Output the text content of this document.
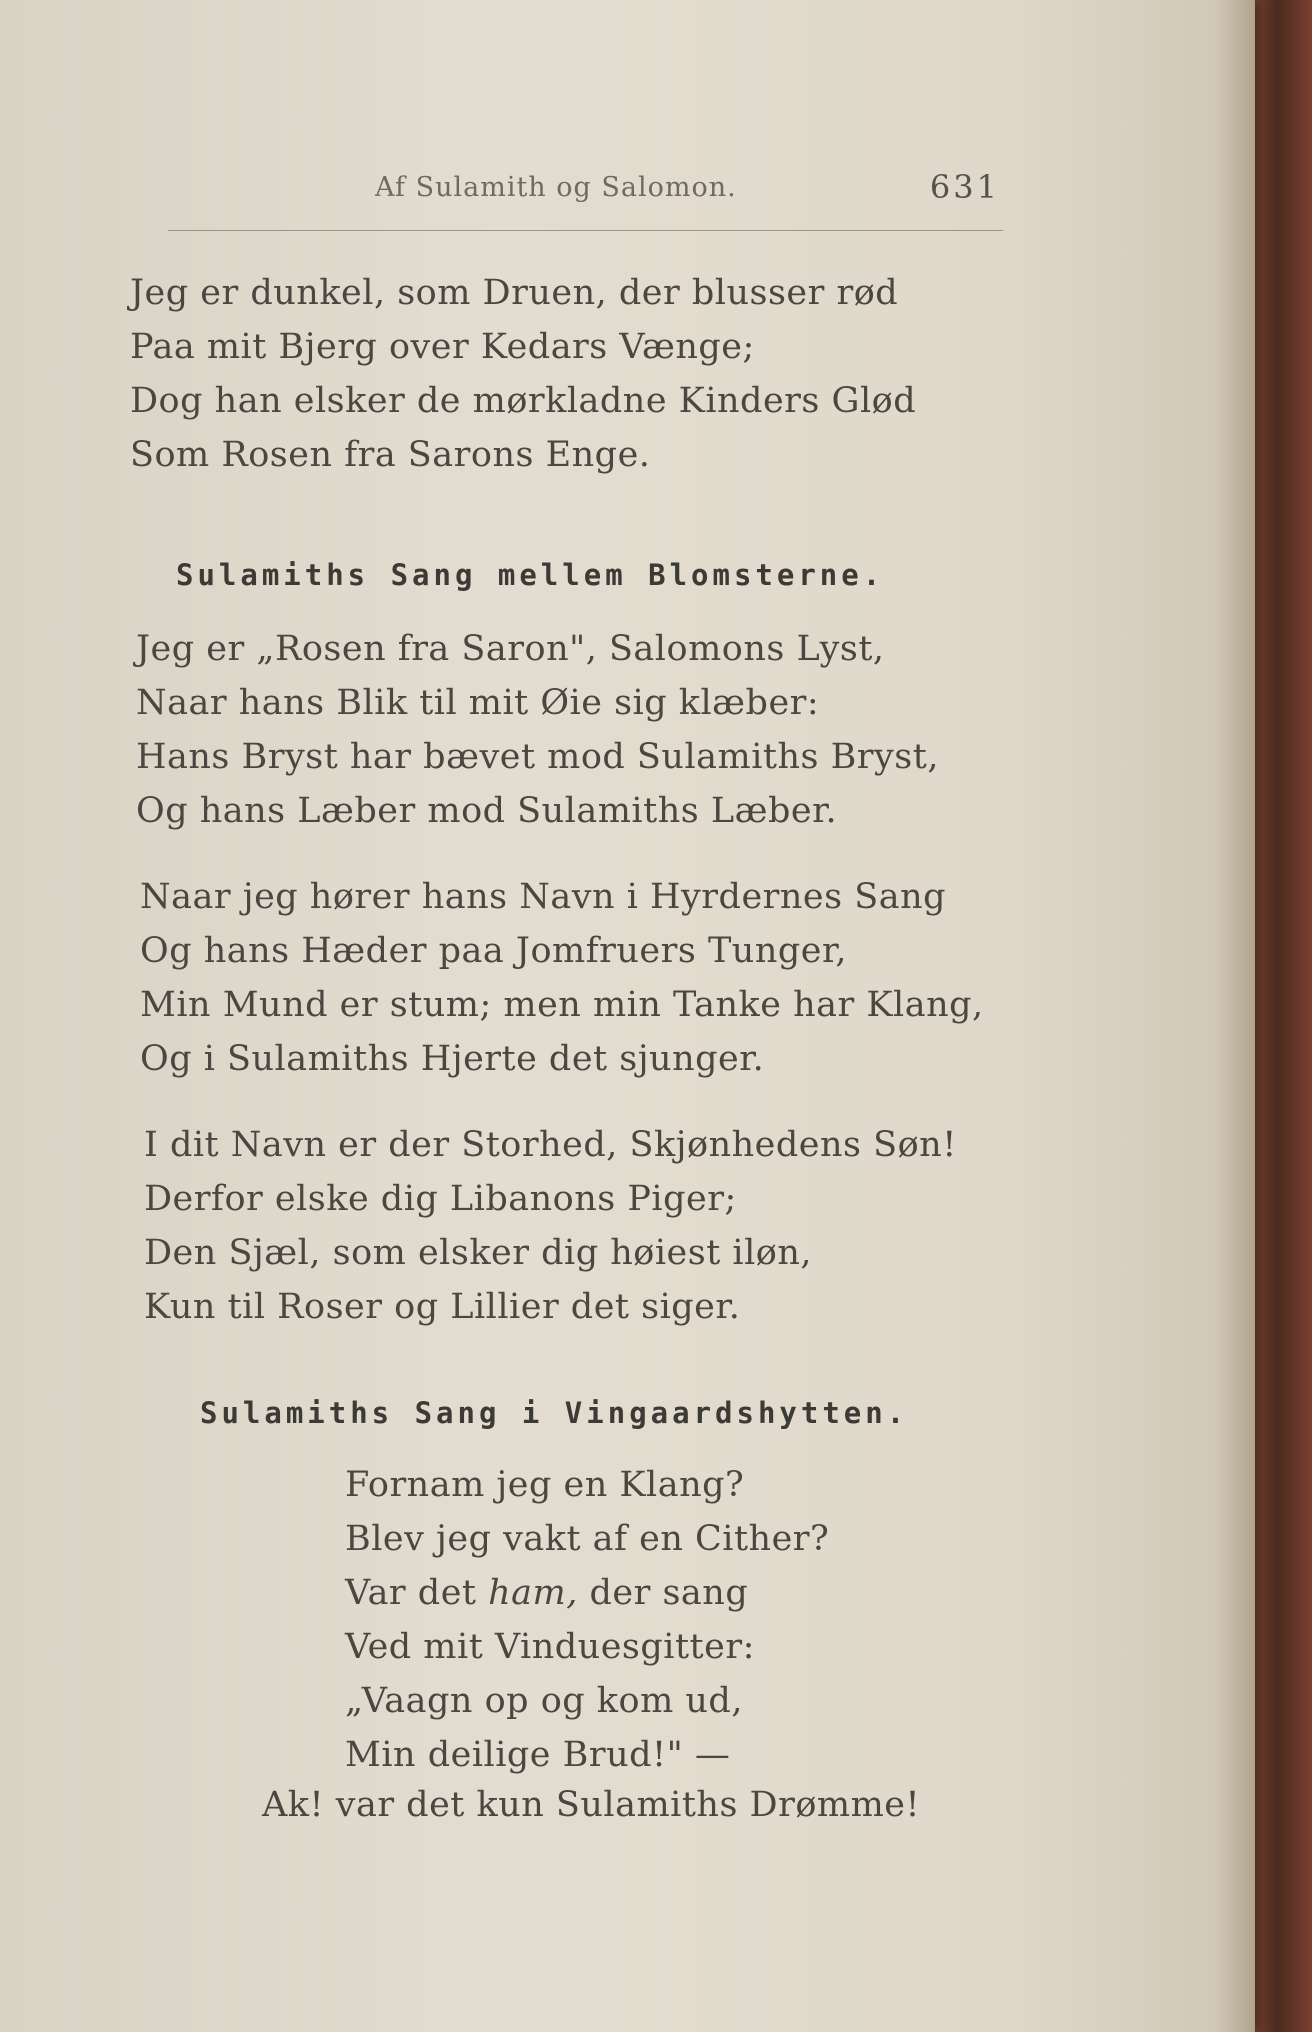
Af Sulamith og Salomon.	631
Jeg er dunkel, som Druen, der blusser rød
Paa mit Bjerg over Kedars Vænge;
Dog han elsker de mørkladne Kinders Glød
Som Rosen fra Sarons Enge.
Sulamiths Sang mellem Blomsterne.
Jeg er „Rosen fra Saron", Salomons Lyst,
Naar hans Blik til mit Øie sig klæber:
Hans Bryst har bævet mod Sulamiths Bryst,
Og hans Læber mod Sulamiths Læber.
Naar jeg hører hans Navn i Hyrdernes Sang
Og hans Hæder paa Jomfruers Tunger,
Min Mund er stum; men min Tanke har Klang,
Og i Sulamiths Hjerte det sjunger.
I dit Navn er der Storhed, Skjønhedens Søn!
Derfor elske dig Libanons Piger;
Den Sjæl, som elsker dig høiest iløn,
Kun til Roser og Lillier det siger.
Sulamiths Sang i Vingaardshytten.
Fornam jeg en Klang?
Blev jeg vakt af en Cither?
Var det ham, der sang
Ved mit Vinduesgitter:
„Vaagn op og kom ud,
Min deilige Brud!" —
Ak! var det kun Sulamiths Drømme!
